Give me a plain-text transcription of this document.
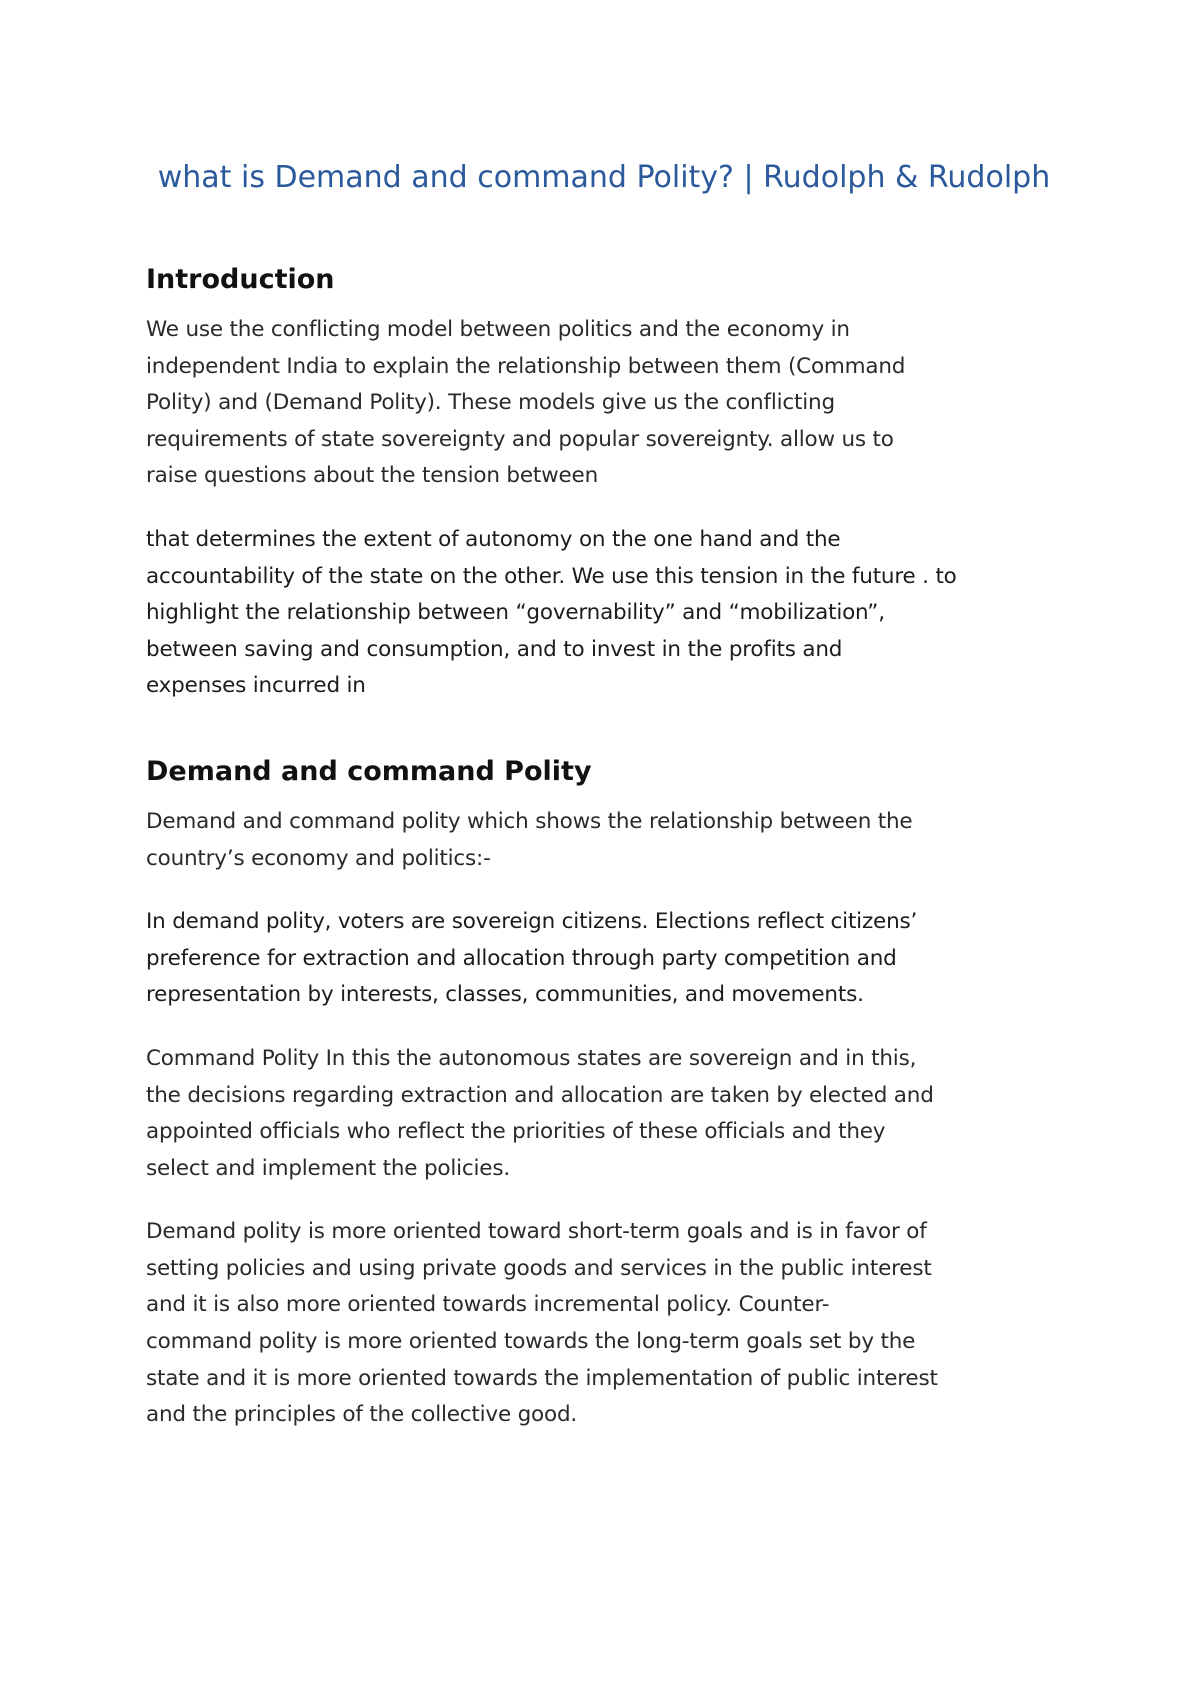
what is Demand and command Polity? | Rudolph & Rudolph
Introduction

We use the conflicting model between politics and the economy in
independent India to explain the relationship between them (Command
Polity) and (Demand Polity). These models give us the conflicting
requirements of state sovereignty and popular sovereignty. allow us to
raise questions about the tension between

that determines the extent of autonomy on the one hand and the
accountability of the state on the other. We use this tension in the future . to
highlight the relationship between “governability” and “mobilization”,
between saving and consumption, and to invest in the profits and
expenses incurred in

Demand and command Polity

Demand and command polity which shows the relationship between the
country’s economy and politics:-

In demand polity, voters are sovereign citizens. Elections reflect citizens’
preference for extraction and allocation through party competition and
representation by interests, classes, communities, and movements.

Command Polity In this the autonomous states are sovereign and in this,
the decisions regarding extraction and allocation are taken by elected and
appointed officials who reflect the priorities of these officials and they
select and implement the policies.

Demand polity is more oriented toward short-term goals and is in favor of
setting policies and using private goods and services in the public interest
and it is also more oriented towards incremental policy. Counter-
command polity is more oriented towards the long-term goals set by the
state and it is more oriented towards the implementation of public interest
and the principles of the collective good.
